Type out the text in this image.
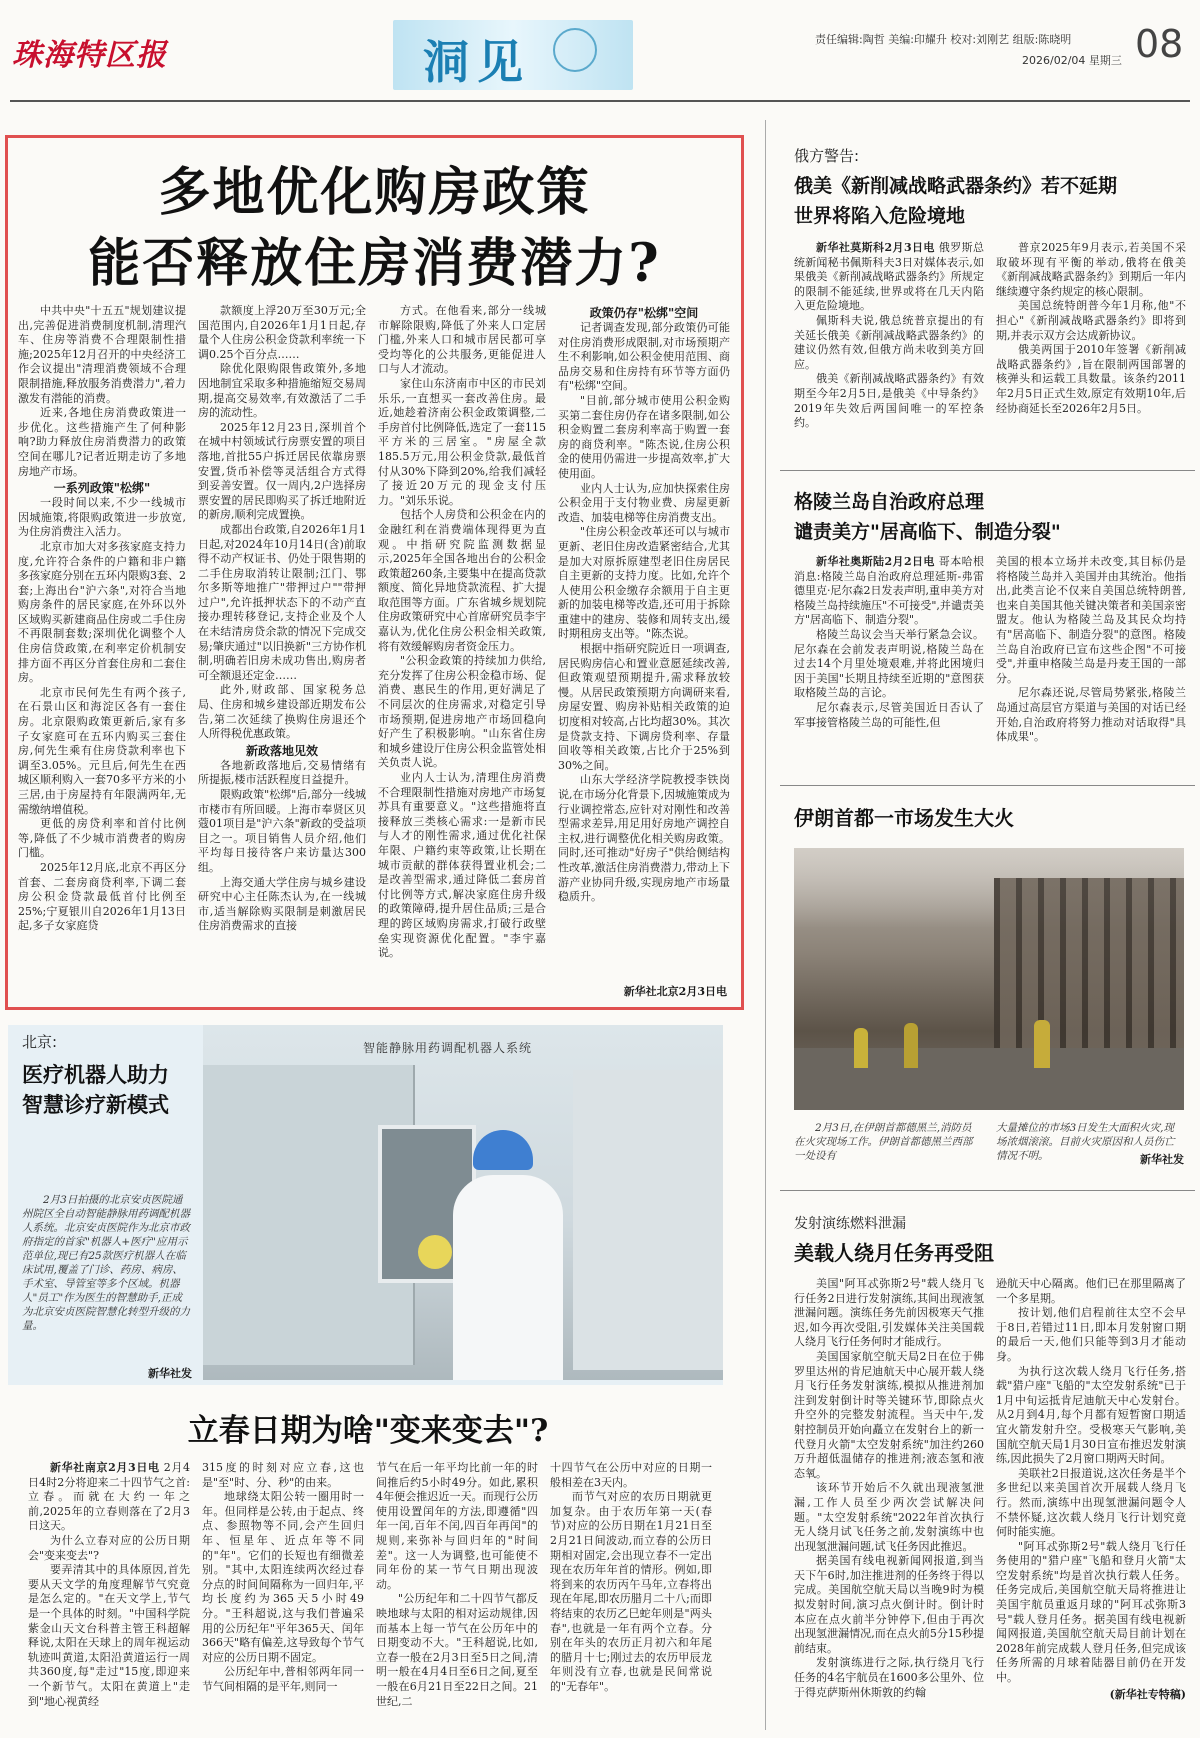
珠海特区报	洞见	责任编辑:陶哲 美编:印耀升 校对:刘刚艺 组版:陈晓明
2026/02/04 星期三 08
多地优化购房政策
能否释放住房消费潜力?

中共中央"十五五"规划建议提出,完善促进消费制度机制,清理汽车、住房等消费不合理限制性措施;2025年12月召开的中央经济工作会议提出"清理消费领域不合理限制措施,释放服务消费潜力",着力激发有潜能的消费。

近来,各地住房消费政策进一步优化。这些措施产生了何种影响?助力释放住房消费潜力的政策空间在哪儿?记者近期走访了多地房地产市场。

一系列政策"松绑"

一段时间以来,不少一线城市因城施策,将限购政策进一步放宽,为住房消费注入活力。

北京市加大对多孩家庭支持力度,允许符合条件的户籍和非户籍多孩家庭分别在五环内限购3套、2套;上海出台"沪六条",对符合当地购房条件的居民家庭,在外环以外区域购买新建商品住房或二手住房不再限制套数;深圳优化调整个人住房信贷政策,在利率定价机制安排方面不再区分首套住房和二套住房。

北京市民何先生有两个孩子,在石景山区和海淀区各有一套住房。北京限购政策更新后,家有多子女家庭可在五环内购买三套住房,何先生乘有住房贷款利率也下调至3.05%。元旦后,何先生在西城区顺利购入一套70多平方米的小三居,由于房屋持有年限满两年,无需缴纳增值税。

更低的房贷利率和首付比例等,降低了不少城市消费者的购房门槛。

2025年12月底,北京不再区分首套、二套房商贷利率,下调二套房公积金贷款最低首付比例至25%;宁夏银川自2026年1月13日起,多子女家庭贷

款额度上浮20万至30万元;全国范围内,自2026年1月1日起,存量个人住房公积金贷款利率统一下调0.25个百分点……

除优化限购限售政策外,多地因地制宜采取多种措施缩短交易周期,提高交易效率,有效激活了二手房的流动性。

2025年12月23日,深圳首个在城中村领域试行房票安置的项目落地,首批55户拆迁居民依靠房票安置,货币补偿等灵活组合方式得到妥善安置。仅一周内,2户选择房票安置的居民即购买了拆迁地附近的新房,顺利完成置换。

成都出台政策,自2026年1月1日起,对2024年10月14日(含)前取得不动产权证书、仍处于限售期的二手住房取消转让限制;江门、鄂尔多斯等地推广"带押过户""带押过户",允许抵押状态下的不动产直接办理转移登记,支持企业及个人在未结清房贷余款的情况下完成交易;肇庆通过"以旧换新"三方协作机制,明确若旧房未成功售出,购房者可全额退还定金……

此外,财政部、国家税务总局、住房和城乡建设部近期发布公告,第二次延续了换购住房退还个人所得税优惠政策。

新政落地见效

各地新政落地后,交易情绪有所提振,楼市活跃程度日益提升。

限购政策"松绑"后,部分一线城市楼市有所回暖。上海市奉贤区贝蔻01项目是"沪六条"新政的受益项目之一。项目销售人员介绍,他们平均每日接待客户来访量达300组。

上海交通大学住房与城乡建设研究中心主任陈杰认为,在一线城市,适当解除购买限制是刺激居民住房消费需求的直接

方式。在他看来,部分一线城市解除限购,降低了外来人口定居门槛,外来人口和城市居民都可享受均等化的公共服务,更能促进人口与人才流动。

家住山东济南市中区的市民刘乐乐,一直想买一套改善住房。最近,她趁着济南公积金政策调整,二手房首付比例降低,选定了一套115平方米的三居室。"房屋全款185.5万元,用公积金贷款,最低首付从30%下降到20%,给我们减轻了接近20万元的现金支付压力。"刘乐乐说。

包括个人房贷和公积金在内的金融红利在消费端体现得更为直观。中指研究院监测数据显示,2025年全国各地出台的公积金政策超260条,主要集中在提高贷款额度、简化异地贷款流程、扩大提取范围等方面。广东省城乡规划院住房政策研究中心首席研究员李宇嘉认为,优化住房公积金相关政策,将有效缓解购房者资金压力。

"公积金政策的持续加力供给,充分发挥了住房公积金稳市场、促消费、惠民生的作用,更好满足了不同层次的住房需求,对稳定引导市场预期,促进房地产市场回稳向好产生了积极影响。"山东省住房和城乡建设厅住房公积金监管处相关负责人说。

业内人士认为,清理住房消费不合理限制性措施对房地产市场复苏具有重要意义。"这些措施将直接释放三类核心需求:一是新市民与人才的刚性需求,通过优化社保年限、户籍约束等政策,让长期在城市贡献的群体获得置业机会;二是改善型需求,通过降低二套房首付比例等方式,解决家庭住房升级的政策障碍,提升居住品质;三是合理的跨区域购房需求,打破行政壁垒实现资源优化配置。"李宇嘉说。

政策仍存"松绑"空间

记者调查发现,部分政策仍可能对住房消费形成限制,对市场预期产生不利影响,如公积金使用范围、商品房交易和住房持有环节等方面仍有"松绑"空间。

"目前,部分城市使用公积金购买第二套住房仍存在诸多限制,如公积金购置二套房利率高于购置一套房的商贷利率。"陈杰说,住房公积金的使用仍需进一步提高效率,扩大使用面。

业内人士认为,应加快探索住房公积金用于支付物业费、房屋更新改造、加装电梯等住房消费支出。

"住房公积金改革还可以与城市更新、老旧住房改造紧密结合,尤其是加大对原拆原建型老旧住房居民自主更新的支持力度。比如,允许个人使用公积金缴存余额用于自主更新的加装电梯等改造,还可用于拆除重建中的建房、装修和周转支出,缓时期租房支出等。"陈杰说。

根据中指研究院近日一项调查,居民购房信心和置业意愿延续改善,但政策观望预期提升,需求释放较慢。从居民政策预期方向调研来看,房屋安置、购房补贴相关政策的迫切度相对较高,占比均超30%。其次是贷款支持、下调房贷利率、存量回收等相关政策,占比介于25%到30%之间。

山东大学经济学院教授李铁岗说,在市场分化背景下,因城施策成为行业调控常态,应针对对刚性和改善型需求差异,用足用好房地产调控自主权,进行调整优化相关购房政策。同时,还可推动"好房子"供给侧结构性改革,激活住房消费潜力,带动上下游产业协同升级,实现房地产市场量稳质升。

新华社北京2月3日电
北京:
医疗机器人助力
智慧诊疗新模式
2月3日拍摄的北京安贞医院通州院区全自动智能静脉用药调配机器人系统。北京安贞医院作为北京市政府指定的首家"机器人+医疗"应用示范单位,现已有25款医疗机器人在临床试用,覆盖了门诊、药房、病房、手术室、导管室等多个区域。机器人"员工"作为医生的智慧助手,正成为北京安贞医院智慧化转型升级的力量。
新华社发
智能静脉用药调配机器人系统
立春日期为啥"变来变去"?

新华社南京2月3日电 2月4日4时2分将迎来二十四节气之首:立春。而就在大约一年之前,2025年的立春则落在了2月3日这天。

为什么立春对应的公历日期会"变来变去"?

要弄清其中的具体原因,首先要从天文学的角度理解节气究竟是怎么定的。"在天文学上,节气是一个具体的时刻。"中国科学院紫金山天文台科普主管王科超解释说,太阳在天球上的周年视运动轨迹叫黄道,太阳沿黄道运行一周共360度,每"走过"15度,即迎来一个新节气。太阳在黄道上"走到"地心视黄经

315度的时刻对应立春,这也是"至"时、分、秒"的由来。

地球绕太阳公转一圈用时一年。但同样是公转,由于起点、终点、参照物等不同,会产生回归年、恒星年、近点年等不同的"年"。它们的长短也有细微差别。"其中,太阳连续两次经过春分点的时间间隔称为一回归年,平均长度约为365天5小时49分。"王科超说,这与我们普遍采用的公历纪年"平年365天、闰年366天"略有偏差,这导致每个节气对应的公历日期不固定。

公历纪年中,普相邻两年同一节气间相隔的是平年,则同一

节气在后一年平均比前一年的时间推后约5小时49分。如此,累积4年便会推迟近一天。而现行公历使用设置闰年的方法,即遵循"四年一闰,百年不闰,四百年再闰"的规则,来弥补与回归年的"时间差"。这一人为调整,也可能使不同年份的某一节气日期出现波动。

"公历纪年和二十四节气都反映地球与太阳的相对运动规律,因而基本上每一节气在公历年中的日期变动不大。"王科超说,比如,立春一般在2月3日至5日之间,清明一般在4月4日至6日之间,夏至一般在6月21日至22日之间。21世纪,二

十四节气在公历中对应的日期一般相差在3天内。

而节气对应的农历日期就更加复杂。由于农历年第一天(春节)对应的公历日期在1月21日至2月21日间波动,而立春的公历日期相对固定,会出现立春不一定出现在农历年年首的情形。例如,即将到来的农历丙午马年,立春将出现在年尾,即农历腊月二十八;而即将结束的农历乙巳蛇年则是"两头春",也就是一年有两个立春。分别在年头的农历正月初六和年尾的腊月十七;刚过去的农历甲辰龙年则没有立春,也就是民间常说的"无春年"。

俄方警告:
俄美《新削减战略武器条约》若不延期
世界将陷入危险境地

新华社莫斯科2月3日电 俄罗斯总统新闻秘书佩斯科夫3日对媒体表示,如果俄美《新削减战略武器条约》所规定的限制不能延续,世界或将在几天内陷入更危险境地。

佩斯科夫说,俄总统普京提出的有关延长俄美《新削减战略武器条约》的建议仍然有效,但俄方尚未收到美方回应。

俄美《新削减战略武器条约》有效期至今年2月5日,是俄美《中导条约》2019年失效后两国间唯一的军控条约。

普京2025年9月表示,若美国不采取破坏现有平衡的举动,俄将在俄美《新削减战略武器条约》到期后一年内继续遵守条约规定的核心限制。

美国总统特朗普今年1月称,他"不担心"《新削减战略武器条约》即将到期,并表示双方会达成新协议。

俄美两国于2010年签署《新削减战略武器条约》,旨在限制两国部署的核弹头和运载工具数量。该条约2011年2月5日正式生效,原定有效期10年,后经协商延长至2026年2月5日。

格陵兰岛自治政府总理
谴责美方"居高临下、制造分裂"

新华社奥斯陆2月2日电 哥本哈根消息:格陵兰岛自治政府总理延斯-弗雷德里克·尼尔森2日发表声明,重申美方对格陵兰岛持续施压"不可接受",并谴责美方"居高临下、制造分裂"。

格陵兰岛议会当天举行紧急会议。尼尔森在会前发表声明说,格陵兰岛在过去14个月里处境艰难,并将此困境归因于美国"长期且持续至近期的"意图获取格陵兰岛的言论。

尼尔森表示,尽管美国近日否认了军事接管格陵兰岛的可能性,但

美国的根本立场并未改变,其目标仍是将格陵兰岛并入美国并由其统治。他指出,此类言论不仅来自美国总统特朗普,也来自美国其他关键决策者和美国亲密盟友。他认为格陵兰岛及其民众均持有"居高临下、制造分裂"的意图。格陵兰岛自治政府已宣布这些企图"不可接受",并重申格陵兰岛是丹麦王国的一部分。

尼尔森还说,尽管局势紧张,格陵兰岛通过高层官方渠道与美国的对话已经开始,自治政府将努力推动对话取得"具体成果"。

伊朗首都一市场发生大火
2月3日,在伊朗首都德黑兰,消防员在火灾现场工作。伊朗首都德黑兰西部一处设有
大量摊位的市场3日发生大面积火灾,现场浓烟滚滚。目前火灾原因和人员伤亡情况不明。	新华社发
发射演练燃料泄漏
美载人绕月任务再受阻

美国"阿耳忒弥斯2号"载人绕月飞行任务2日进行发射演练,其间出现液氢泄漏问题。演练任务先前因极寒天气推迟,如今再次受阻,引发媒体关注美国载人绕月飞行任务何时才能成行。

美国国家航空航天局2日在位于佛罗里达州的肯尼迪航天中心展开载人绕月飞行任务发射演练,模拟从推进剂加注到发射倒计时等关键环节,即除点火升空外的完整发射流程。当天中午,发射控制员开始向矗立在发射台上的新一代登月火箭"太空发射系统"加注约260万升超低温储存的推进剂;液态氢和液态氧。

该环节开始后不久就出现液氢泄漏,工作人员至少两次尝试解决问题。"太空发射系统"2022年首次执行无人绕月试飞任务之前,发射演练中也出现氢泄漏问题,试飞任务因此推迟。

据美国有线电视新闻网报道,到当天下午6时,加注推进剂的任务终于得以完成。美国航空航天局以当晚9时为模拟发射时间,演习点火倒计时。倒计时本应在点火前半分钟停下,但由于再次出现氢泄漏情况,而在点火前5分15秒提前结束。

发射演练进行之际,执行绕月飞行任务的4名宇航员在1600多公里外、位于得克萨斯州休斯敦的约翰

逊航天中心隔离。他们已在那里隔离了一个多星期。

按计划,他们启程前往太空不会早于8日,若错过11日,即本月发射窗口期的最后一天,他们只能等到3月才能动身。

为执行这次载人绕月飞行任务,搭载"猎户座"飞船的"太空发射系统"已于1月中旬运抵肯尼迪航天中心发射台。从2月到4月,每个月都有短暂窗口期适宜火箭发射升空。受极寒天气影响,美国航空航天局1月30日宣布推迟发射演练,因此损失了2月窗口期两天时间。

美联社2日报道说,这次任务是半个多世纪以来美国首次开展载人绕月飞行。然而,演练中出现氢泄漏问题令人不禁怀疑,这次载人绕月飞行计划究竟何时能实施。

"阿耳忒弥斯2号"载人绕月飞行任务使用的"猎户座"飞船和登月火箭"太空发射系统"均是首次执行载人任务。任务完成后,美国航空航天局将推进让美国宇航员重返月球的"阿耳忒弥斯3号"载人登月任务。据美国有线电视新闻网报道,美国航空航天局目前计划在2028年前完成载人登月任务,但完成该任务所需的月球着陆器目前仍在开发中。

(新华社专特稿)
